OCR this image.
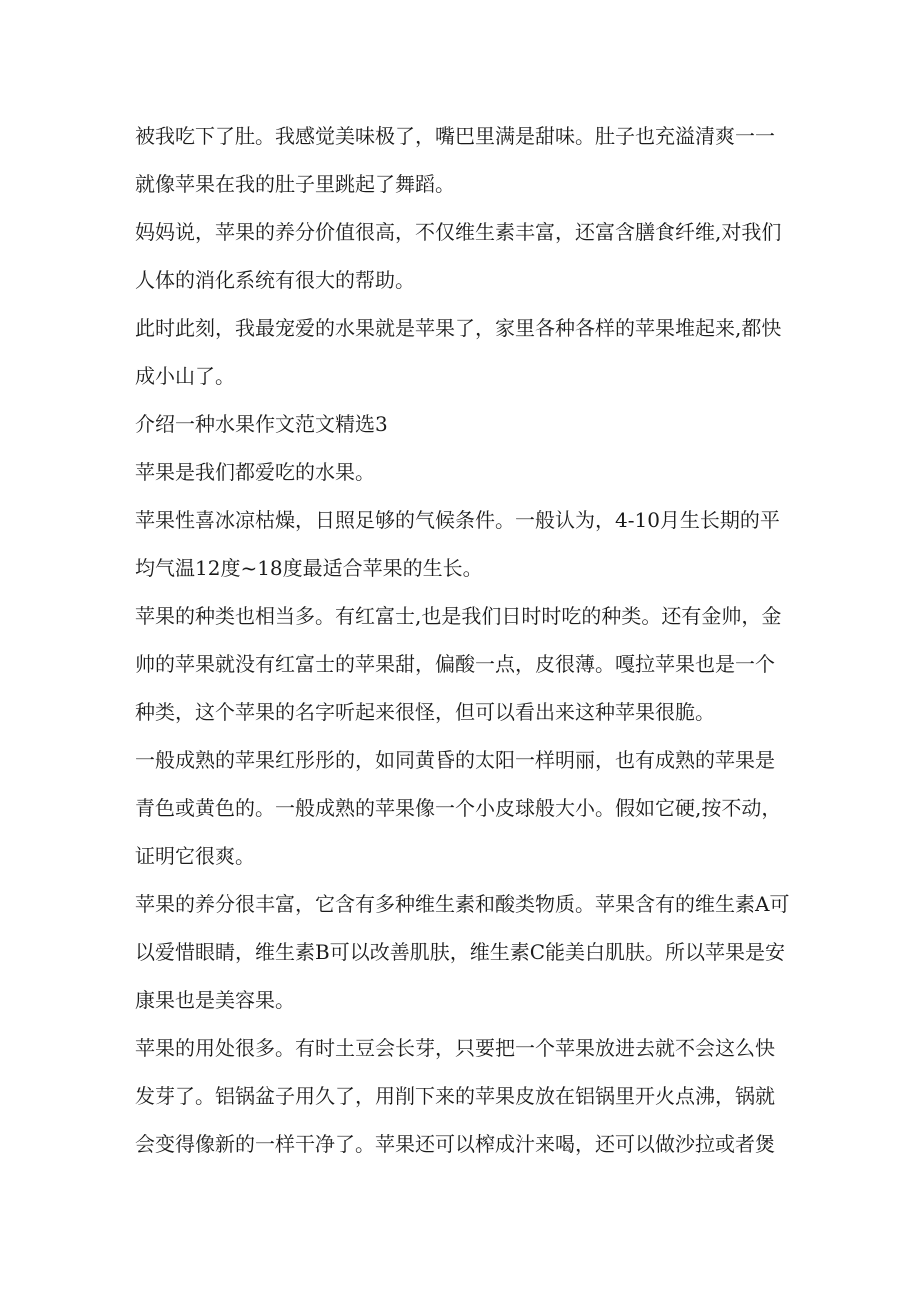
被我吃下了肚。我感觉美味极了，嘴巴里满是甜味。肚子也充溢清爽一一
就像苹果在我的肚子里跳起了舞蹈。
妈妈说，苹果的养分价值很高，不仅维生素丰富，还富含膳食纤维,对我们
人体的消化系统有很大的帮助。
此时此刻，我最宠爱的水果就是苹果了，家里各种各样的苹果堆起来,都快
成小山了。
介绍一种水果作文范文精选3
苹果是我们都爱吃的水果。
苹果性喜冰凉枯燥，日照足够的气候条件。一般认为，4-10月生长期的平
均气温12度~18度最适合苹果的生长。
苹果的种类也相当多。有红富士,也是我们日时时吃的种类。还有金帅，金
帅的苹果就没有红富士的苹果甜，偏酸一点，皮很薄。嘎拉苹果也是一个
种类，这个苹果的名字听起来很怪，但可以看出来这种苹果很脆。
一般成熟的苹果红彤彤的，如同黄昏的太阳一样明丽，也有成熟的苹果是
青色或黄色的。一般成熟的苹果像一个小皮球般大小。假如它硬,按不动，
证明它很爽。
苹果的养分很丰富，它含有多种维生素和酸类物质。苹果含有的维生素A可
以爱惜眼睛，维生素B可以改善肌肤，维生素C能美白肌肤。所以苹果是安
康果也是美容果。
苹果的用处很多。有时土豆会长芽，只要把一个苹果放进去就不会这么快
发芽了。铝锅盆子用久了，用削下来的苹果皮放在铝锅里开火点沸，锅就
会变得像新的一样干净了。苹果还可以榨成汁来喝，还可以做沙拉或者煲
